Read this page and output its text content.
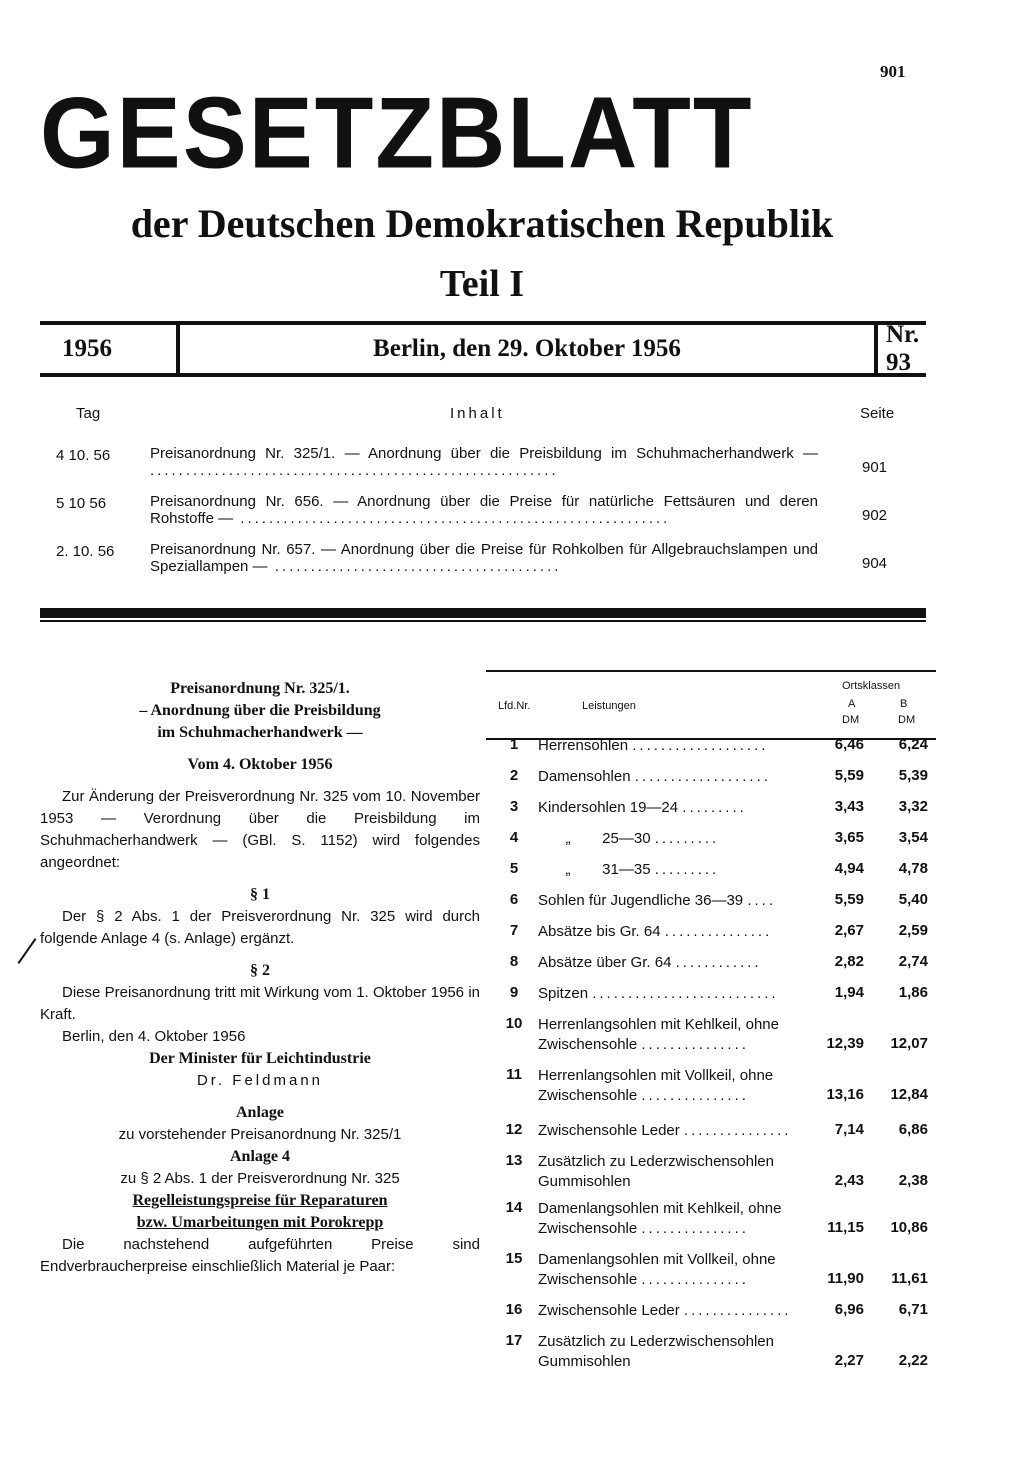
901
GESETZBLATT
der Deutschen Demokratischen Republik
Teil I
1956	Berlin, den 29. Oktober 1956
Nr. 93
Tag	Inhalt	Seite
4 10. 56	Preisanordnung Nr. 325/1. — Anordnung über die Preisbildung im Schuhmacherhandwerk — .........................................................	901
5 10 56	Preisanordnung Nr. 656. — Anordnung über die Preise für natürliche Fettsäuren und deren Rohstoffe — ............................................................	902
2. 10. 56 Preisanordnung Nr. 657. — Anordnung über die Preise für Rohkolben für Allgebrauchslampen und Speziallampen — ........................................	904
Preisanordnung Nr. 325/1.
– Anordnung über die Preisbildung
im Schuhmacherhandwerk —
Vom 4. Oktober 1956
Zur Änderung der Preisverordnung Nr. 325 vom 10. November 1953 — Verordnung über die Preisbildung im Schuhmacherhandwerk — (GBl. S. 1152) wird folgendes angeordnet:
§ 1
Der § 2 Abs. 1 der Preisverordnung Nr. 325 wird durch folgende Anlage 4 (s. Anlage) ergänzt.
§ 2
Diese Preisanordnung tritt mit Wirkung vom 1. Oktober 1956 in Kraft.
Berlin, den 4. Oktober 1956
Der Minister für Leichtindustrie
Dr. Feldmann
Anlage
zu vorstehender Preisanordnung Nr. 325/1
Anlage 4
zu § 2 Abs. 1 der Preisverordnung Nr. 325
Regelleistungspreise für Reparaturen
bzw. Umarbeitungen mit Porokrepp
Die nachstehend aufgeführten Preise sind Endverbraucherpreise einschließlich Material je Paar:
Lfd.Nr.	Leistungen
Ortsklassen
A	B
DM	DM
1	Herrensohlen ...................	6,46	6,24
2	Damensohlen ...................	5,59	5,39
3	Kindersohlen 19—24 .........	3,43	3,32
4	„ 25—30 .........	3,65	3,54
5	„ 31—35 .........	4,94	4,78
6	Sohlen für Jugendliche 36—39 ....	5,59	5,40
7	Absätze bis Gr. 64 ...............	2,67	2,59
8	Absätze über Gr. 64 ............	2,82	2,74
9	Spitzen ..........................	1,94	1,86
10	Herrenlangsohlen mit Kehlkeil, ohne
Zwischensohle ...............	12,39	12,07
11	Herrenlangsohlen mit Vollkeil, ohne
Zwischensohle ...............	13,16	12,84
12	Zwischensohle Leder ...............	7,14	6,86
13	Zusätzlich zu Lederzwischensohlen
Gummisohlen	2,43	2,38
14	Damenlangsohlen mit Kehlkeil, ohne
Zwischensohle ...............	11,15	10,86
15	Damenlangsohlen mit Vollkeil, ohne
Zwischensohle ...............	11,90	11,61
16	Zwischensohle Leder ...............	6,96	6,71
17	Zusätzlich zu Lederzwischensohlen
Gummisohlen	2,27	2,22
